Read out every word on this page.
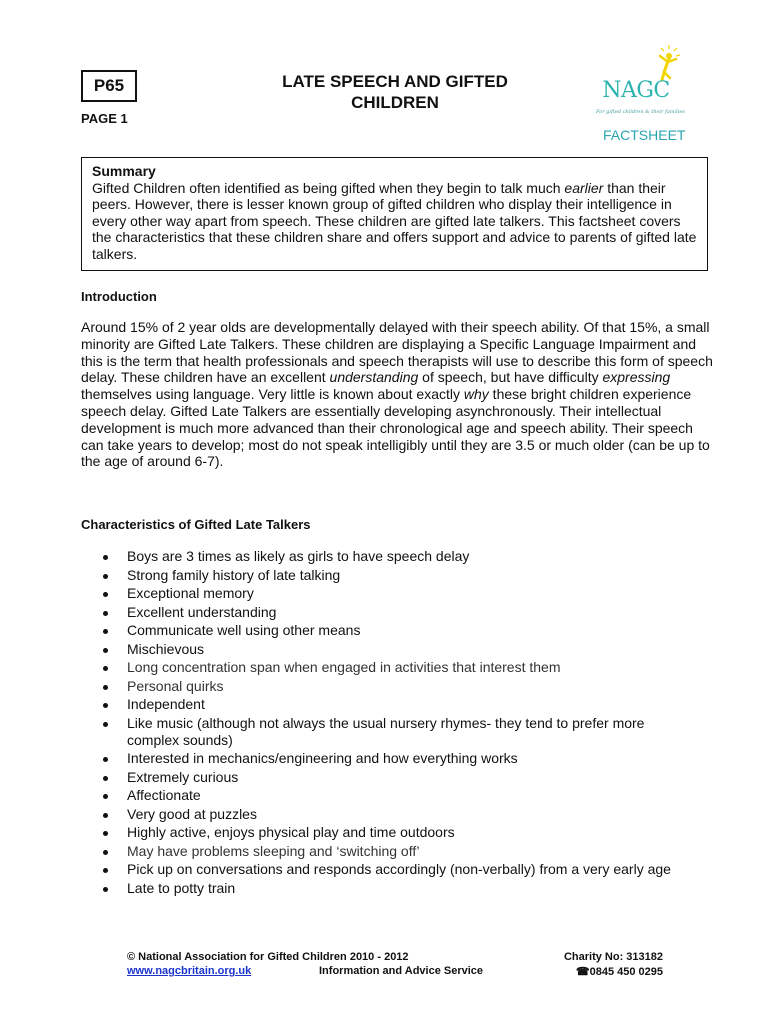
P65
PAGE 1
LATE SPEECH AND GIFTED
CHILDREN	NAGC
For gifted children & their families
FACTSHEET
Summary
Gifted Children often identified as being gifted when they begin to talk much earlier than their peers. However, there is lesser known group of gifted children who display their intelligence in every other way apart from speech. These children are gifted late talkers. This factsheet covers the characteristics that these children share and offers support and advice to parents of gifted late talkers.
Introduction

Around 15% of 2 year olds are developmentally delayed with their speech ability. Of that 15%, a small minority are Gifted Late Talkers. These children are displaying a Specific Language Impairment and this is the term that health professionals and speech therapists will use to describe this form of speech delay. These children have an excellent understanding of speech, but have difficulty expressing themselves using language. Very little is known about exactly why these bright children experience speech delay. Gifted Late Talkers are essentially developing asynchronously. Their intellectual development is much more advanced than their chronological age and speech ability. Their speech can take years to develop; most do not speak intelligibly until they are 3.5 or much older (can be up to the age of around 6-7).

Characteristics of Gifted Late Talkers
Boys are 3 times as likely as girls to have speech delay
Strong family history of late talking
Exceptional memory
Excellent understanding
Communicate well using other means
Mischievous
Long concentration span when engaged in activities that interest them
Personal quirks
Independent
Like music (although not always the usual nursery rhymes- they tend to prefer more complex sounds)
Interested in mechanics/engineering and how everything works
Extremely curious
Affectionate
Very good at puzzles
Highly active, enjoys physical play and time outdoors
May have problems sleeping and ‘switching off’
Pick up on conversations and responds accordingly (non-verbally) from a very early age
Late to potty train
© National Association for Gifted Children 2010 - 2012	Charity No: 313182
www.nagcbritain.org.uk	Information and Advice Service	☎0845 450 0295
